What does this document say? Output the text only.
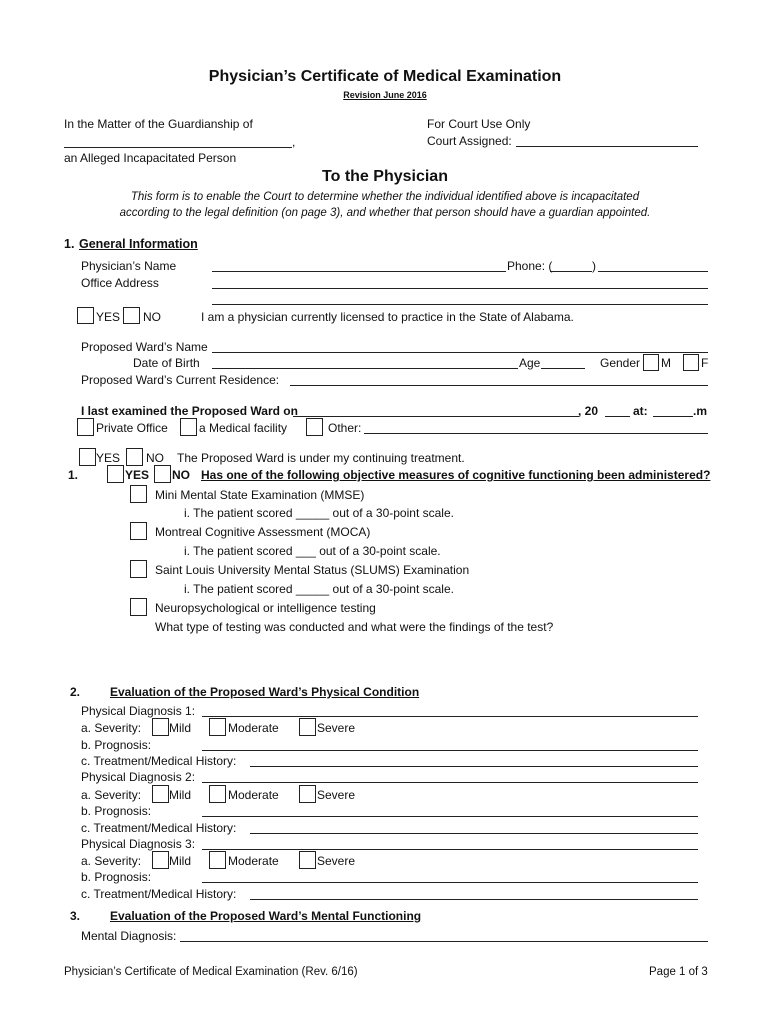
Physician’s Certificate of Medical Examination
Revision June 2016
In the Matter of the Guardianship of
,
an Alleged Incapacitated Person
For Court Use Only
Court Assigned:
To the Physician
This form is to enable the Court to determine whether the individual identified above is incapacitated
according to the legal definition (on page 3), and whether that person should have a guardian appointed.
1. General Information
Physician’s Name
Office Address
Phone: (	)
YES NO	I am a physician currently licensed to practice in the State of Alabama.
Proposed Ward’s Name
Date of Birth	Age	Gender M	F
Proposed Ward’s Current Residence:
I last examined the Proposed Ward on	, 20	at:	.m
Private Office	a Medical facility	Other:
YES NO The Proposed Ward is under my continuing treatment.
1.	YES NO Has one of the following objective measures of cognitive functioning been administered?
Mini Mental State Examination (MMSE)
i. The patient scored _____ out of a 30-point scale.
Montreal Cognitive Assessment (MOCA)
i. The patient scored ___ out of a 30-point scale.
Saint Louis University Mental Status (SLUMS) Examination
i. The patient scored _____ out of a 30-point scale.
Neuropsychological or intelligence testing
What type of testing was conducted and what were the findings of the test?
2. Evaluation of the Proposed Ward’s Physical Condition
Physical Diagnosis 1:
a. Severity: Mild	Moderate	Severe
b. Prognosis:
c. Treatment/Medical History:
Physical Diagnosis 2:
a. Severity: Mild	Moderate	Severe
b. Prognosis:
c. Treatment/Medical History:
Physical Diagnosis 3:
a. Severity: Mild	Moderate	Severe
b. Prognosis:
c. Treatment/Medical History:
3. Evaluation of the Proposed Ward’s Mental Functioning
Mental Diagnosis:
Physician’s Certificate of Medical Examination (Rev. 6/16)	Page 1 of 3
